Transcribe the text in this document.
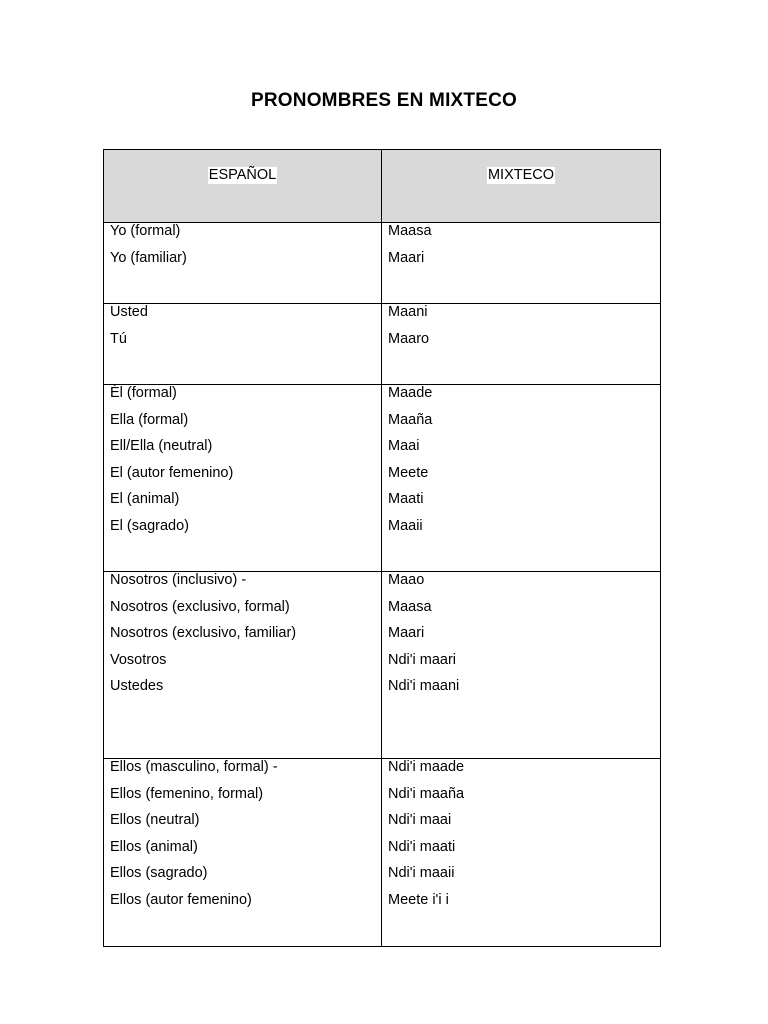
PRONOMBRES EN MIXTECO
ESPAÑOL	MIXTECO
Yo (formal)
Yo (familiar)
Maasa
Maari
Usted
Tú
Maani
Maaro
Él (formal)
Ella (formal)
Ell/Ella (neutral)
El (autor femenino)
El (animal)
El (sagrado)
Maade
Maaña
Maai
Meete
Maati
Maaii
Nosotros (inclusivo) -
Nosotros (exclusivo, formal)
Nosotros (exclusivo, familiar)
Vosotros
Ustedes
Maao
Maasa
Maari
Ndi'i maari
Ndi'i maani
Ellos (masculino, formal) -
Ellos (femenino, formal)
Ellos (neutral)
Ellos (animal)
Ellos (sagrado)
Ellos (autor femenino)
Ndi'i maade
Ndi'i maaña
Ndi'i maai
Ndi'i maati
Ndi'i maaii
Meete i'i i
